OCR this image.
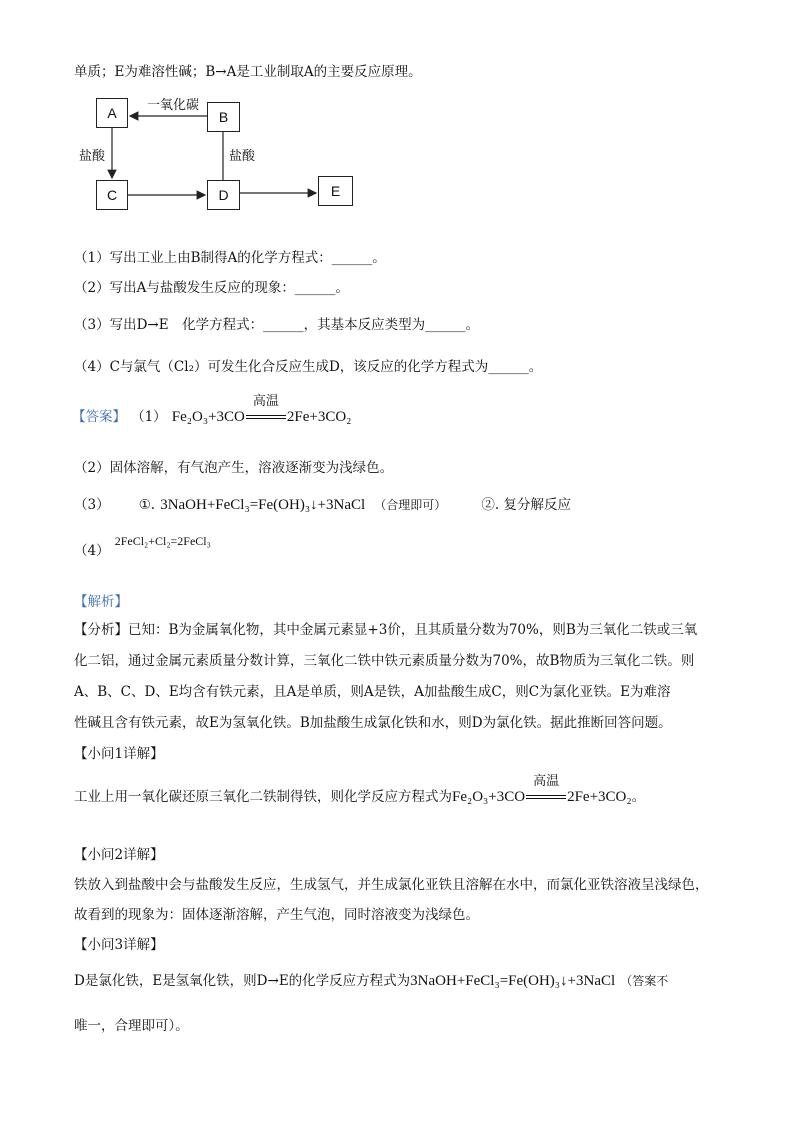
单质；E为难溶性碱；B→A是工业制取A的主要反应原理。
A	B
C	D	E
一氧化碳
盐酸	盐酸
（1）写出工业上由B制得A的化学方程式：______。
（2）写出A与盐酸发生反应的现象：______。
（3）写出D→E　化学方程式：______，其基本反应类型为______。
（4）C与氯气（Cl₂）可发生化合反应生成D，该反应的化学方程式为______。
【答案】 （1） Fe₂O₃+3CO
高温
2Fe+3CO₂
（2）固体溶解，有气泡产生，溶液逐渐变为浅绿色。
（3） ①. 3NaOH+FeCl₃=Fe(OH)₃↓+3NaCl （合理即可）	②. 复分解反应
（4） $^{2FeCl_2+Cl_2=2FeCl_3}$
【解析】
【分析】已知：B为金属氧化物，其中金属元素显+3价，且其质量分数为70%，则B为三氧化二铁或三氧
化二铝，通过金属元素质量分数计算，三氧化二铁中铁元素质量分数为70%，故B物质为三氧化二铁。则
A、B、C、D、E均含有铁元素，且A是单质，则A是铁，A加盐酸生成C，则C为氯化亚铁。E为难溶
性碱且含有铁元素，故E为氢氧化铁。B加盐酸生成氯化铁和水，则D为氯化铁。据此推断回答问题。
【小问1详解】
工业上用一氧化碳还原三氧化二铁制得铁，则化学反应方程式为Fe₂O₃+3CO
高温
2Fe+3CO₂。
【小问2详解】
铁放入到盐酸中会与盐酸发生反应，生成氢气，并生成氯化亚铁且溶解在水中，而氯化亚铁溶液呈浅绿色，
故看到的现象为：固体逐渐溶解，产生气泡，同时溶液变为浅绿色。
【小问3详解】
D是氯化铁，E是氢氧化铁，则D→E的化学反应方程式为3NaOH+FeCl₃=Fe(OH)₃↓+3NaCl （答案不
唯一，合理即可）。
